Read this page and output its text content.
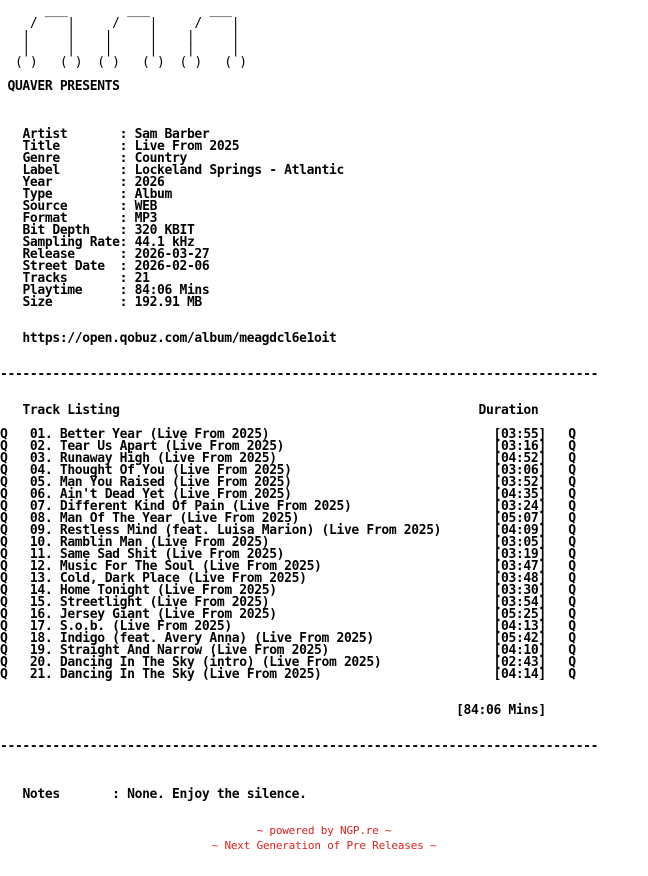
___        ___        ___
/    |     /    |     /    |
|     |    |     |    |     |
|     |    |     |    |     |
( )   ( )  ( )   ( )  ( )   ( )

QUAVER PRESENTS

Artist       : Sam Barber
Title        : Live From 2025
Genre        : Country
Label        : Lockeland Springs - Atlantic
Year         : 2026
Type         : Album
Source       : WEB
Format       : MP3
Bit Depth    : 320 KBIT
Sampling Rate: 44.1 kHz
Release      : 2026-03-27
Street Date  : 2026-02-06
Tracks       : 21
Playtime     : 84:06 Mins
Size         : 192.91 MB

https://open.qobuz.com/album/meagdcl6e1oit

--------------------------------------------------------------------------------

Track Listing	Duration

Q 01. Better Year (Live From 2025)	[03:55] Q
Q 02. Tear Us Apart (Live From 2025)	[03:16] Q
Q 03. Runaway High (Live From 2025)	[04:52] Q
Q 04. Thought Of You (Live From 2025)	[03:06] Q
Q 05. Man You Raised (Live From 2025)	[03:52] Q
Q 06. Ain't Dead Yet (Live From 2025)	[04:35] Q
Q 07. Different Kind Of Pain (Live From 2025)	[03:24] Q
Q 08. Man Of The Year (Live From 2025)	[05:07] Q
Q 09. Restless Mind (feat. Luisa Marion) (Live From 2025)	[04:09] Q
Q 10. Ramblin Man (Live From 2025)	[03:05] Q
Q 11. Same Sad Shit (Live From 2025)	[03:19] Q
Q 12. Music For The Soul (Live From 2025)	[03:47] Q
Q 13. Cold, Dark Place (Live From 2025)	[03:48] Q
Q 14. Home Tonight (Live From 2025)	[03:30] Q
Q 15. Streetlight (Live From 2025)	[03:54] Q
Q 16. Jersey Giant (Live From 2025)	[05:25] Q
Q 17. S.o.b. (Live From 2025)	[04:13] Q
Q 18. Indigo (feat. Avery Anna) (Live From 2025)	[05:42] Q
Q 19. Straight And Narrow (Live From 2025)	[04:10] Q
Q 20. Dancing In The Sky (intro) (Live From 2025)	[02:43] Q
Q 21. Dancing In The Sky (Live From 2025)	[04:14] Q

[84:06 Mins]

--------------------------------------------------------------------------------

Notes       : None. Enjoy the silence.
~ powered by NGP.re ~
~ Next Generation of Pre Releases ~
